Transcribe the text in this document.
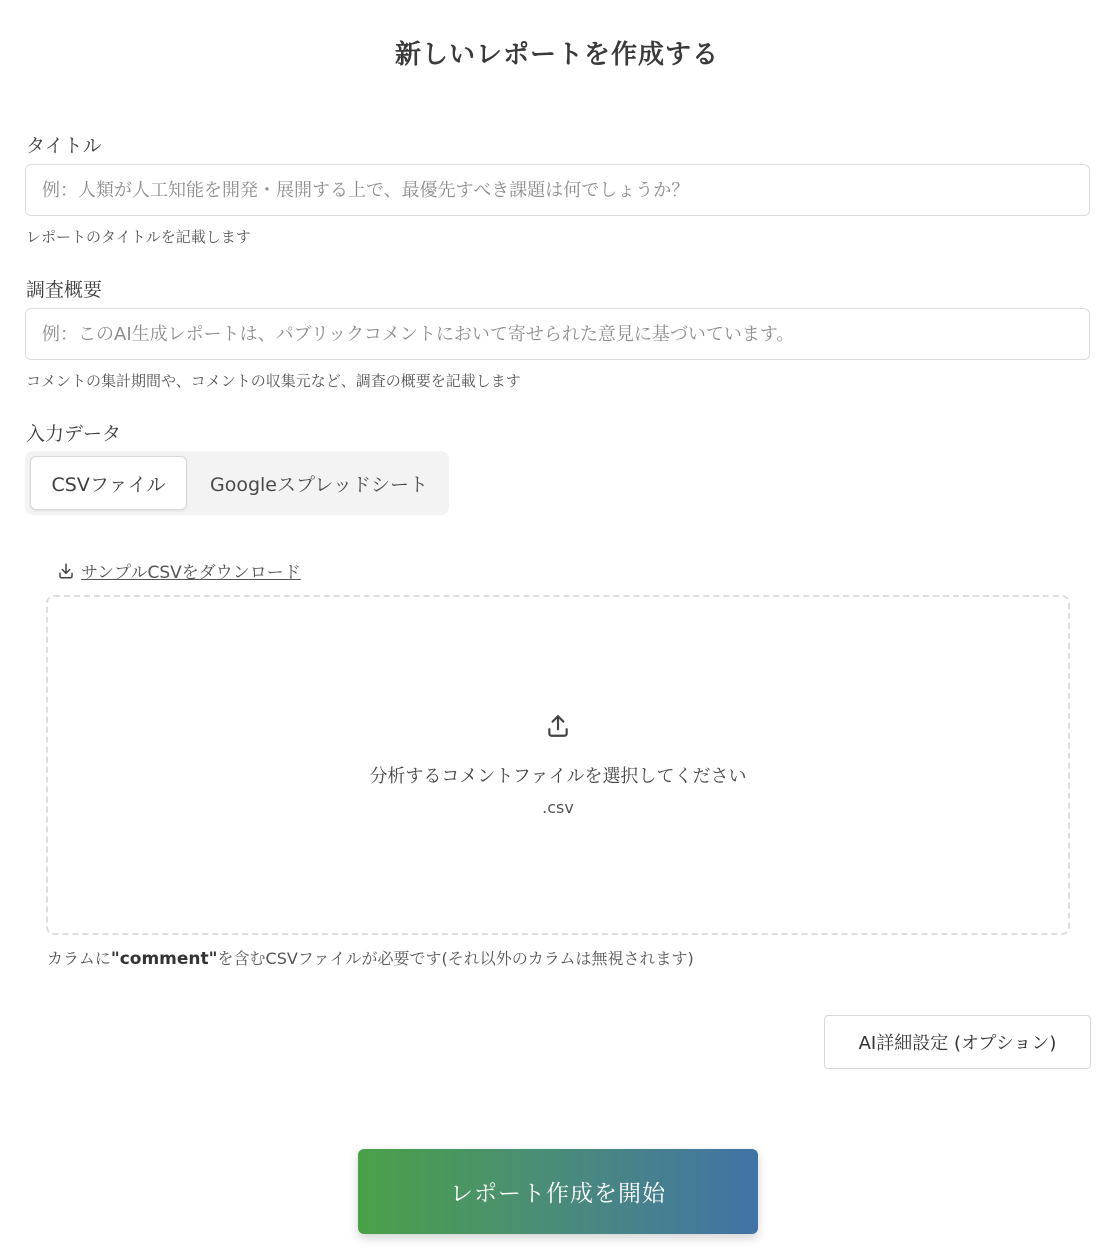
新しいレポートを作成する
タイトル
例：人類が人工知能を開発・展開する上で、最優先すべき課題は何でしょうか？
レポートのタイトルを記載します
調査概要
例：このAI生成レポートは、パブリックコメントにおいて寄せられた意見に基づいています。
コメントの集計期間や、コメントの収集元など、調査の概要を記載します
入力データ
CSVファイル	Googleスプレッドシート
サンプルCSVをダウンロード
分析するコメントファイルを選択してください
.csv
カラムに"comment"を含むCSVファイルが必要です(それ以外のカラムは無視されます)
AI詳細設定 (オプション)
レポート作成を開始
